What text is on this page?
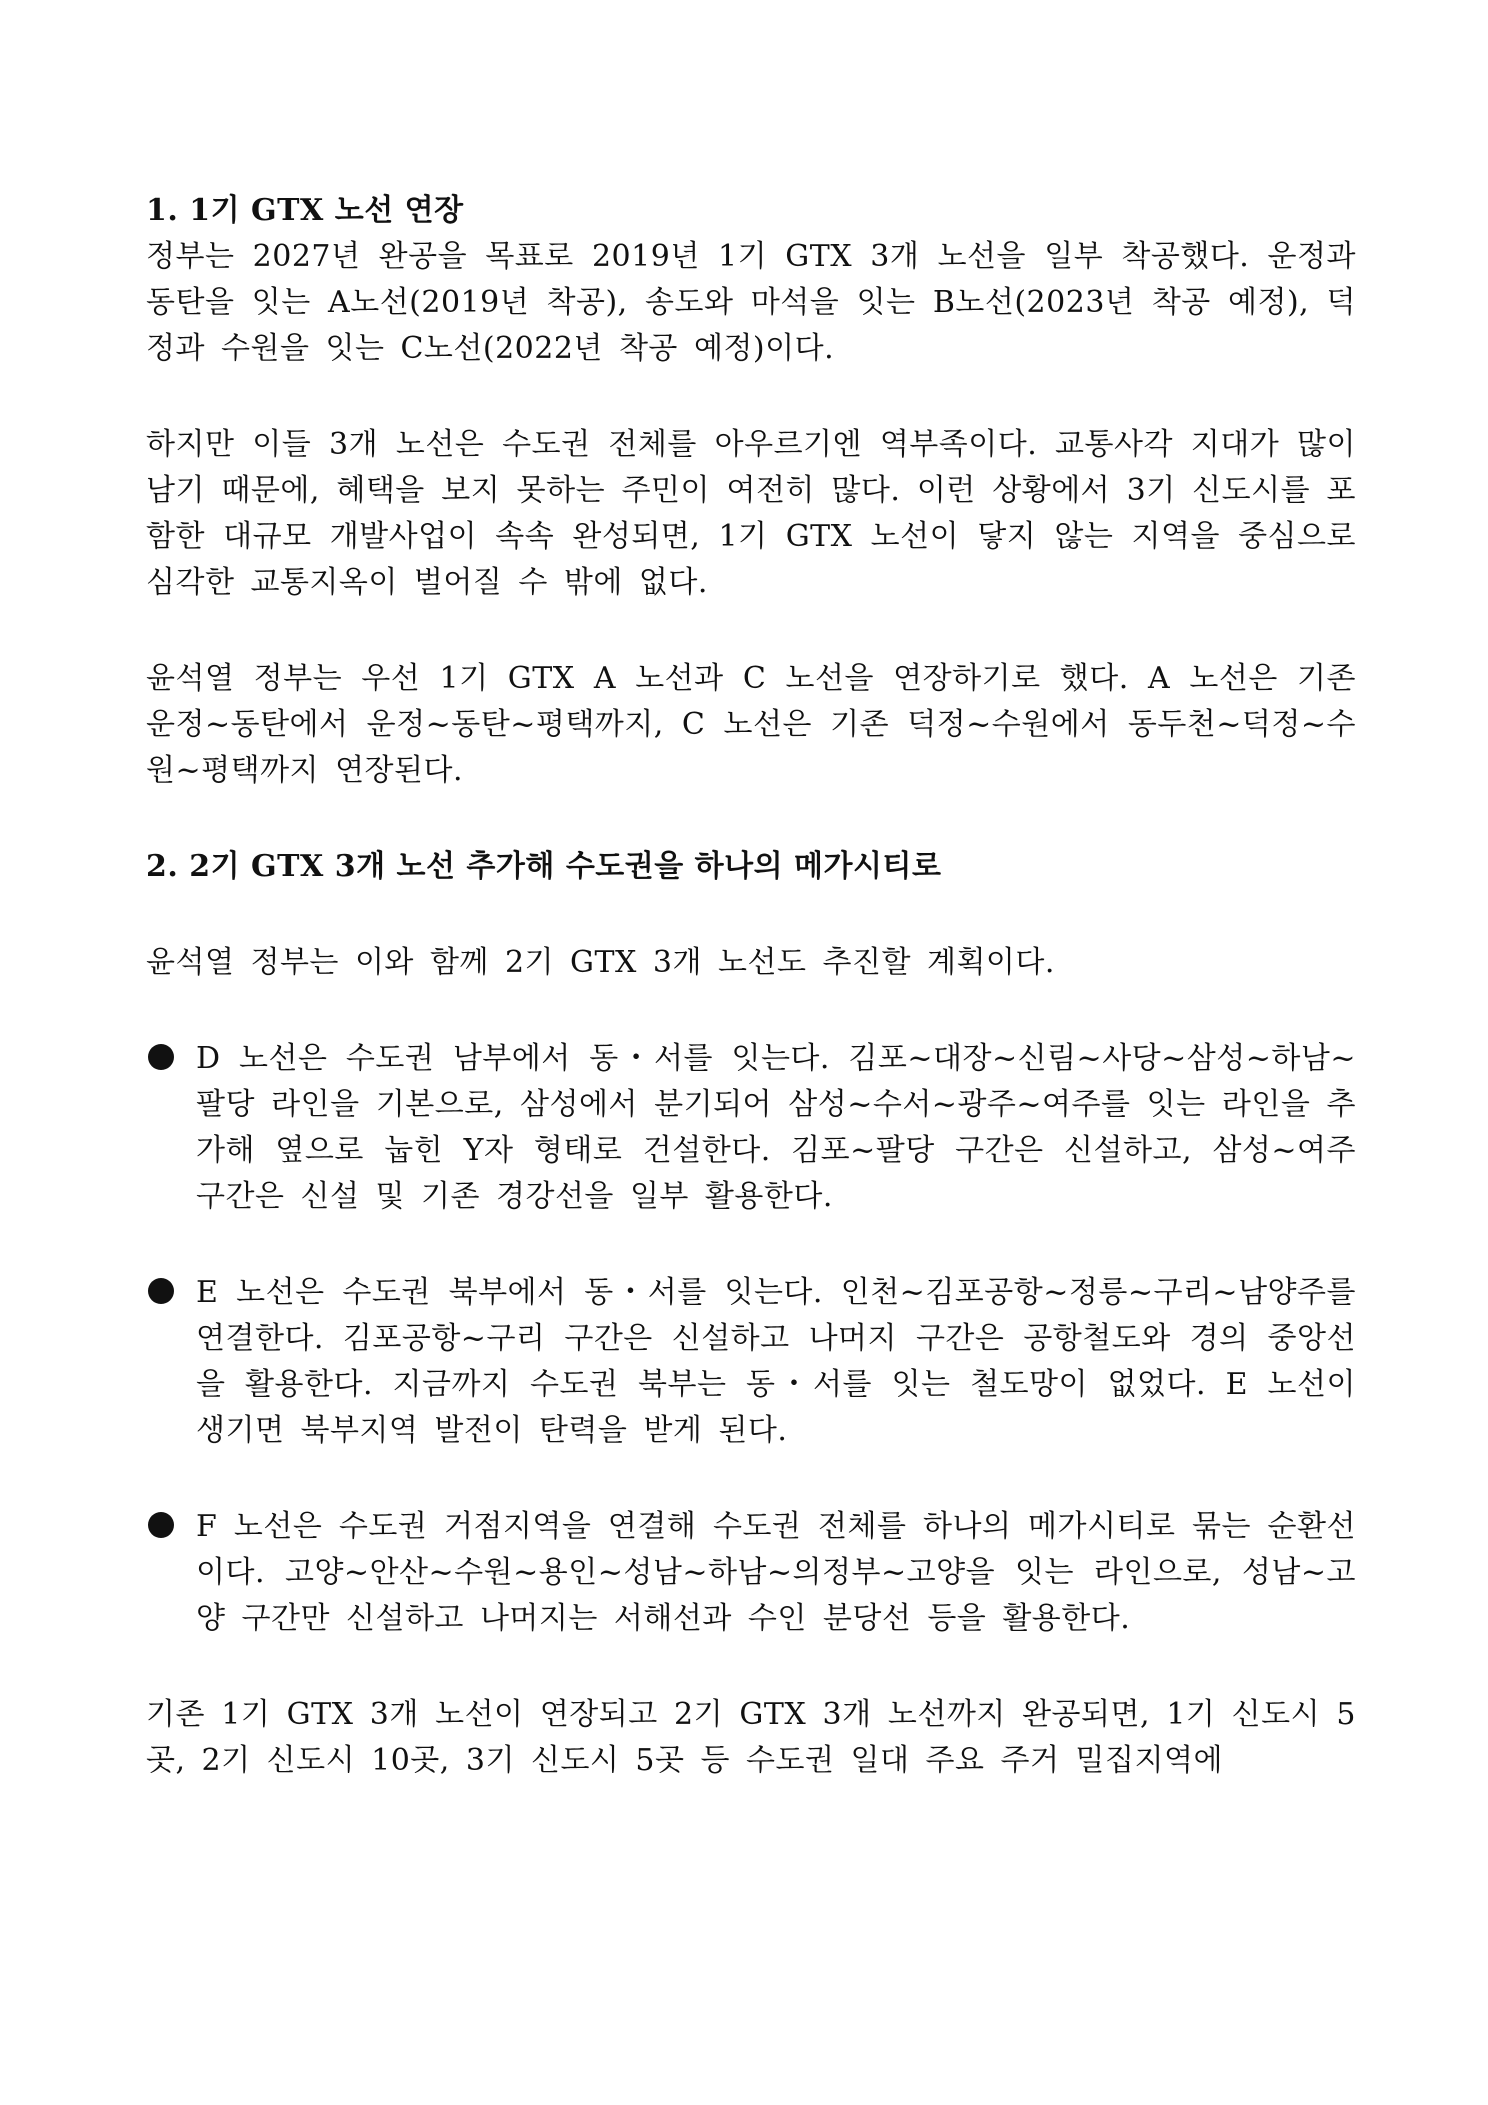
1. 1기 GTX 노선 연장

정부는 2027년 완공을 목표로 2019년 1기 GTX 3개 노선을 일부 착공했다. 운정과 동탄을 잇는 A노선(2019년 착공), 송도와 마석을 잇는 B노선(2023년 착공 예정), 덕정과 수원을 잇는 C노선(2022년 착공 예정)이다.

하지만 이들 3개 노선은 수도권 전체를 아우르기엔 역부족이다. 교통사각 지대가 많이 남기 때문에, 혜택을 보지 못하는 주민이 여전히 많다. 이런 상황에서 3기 신도시를 포함한 대규모 개발사업이 속속 완성되면, 1기 GTX 노선이 닿지 않는 지역을 중심으로 심각한 교통지옥이 벌어질 수 밖에 없다.

윤석열 정부는 우선 1기 GTX A 노선과 C 노선을 연장하기로 했다. A 노선은 기존 운정~동탄에서 운정~동탄~평택까지, C 노선은 기존 덕정~수원에서 동두천~덕정~수원~평택까지 연장된다.

2. 2기 GTX 3개 노선 추가해 수도권을 하나의 메가시티로

윤석열 정부는 이와 함께 2기 GTX 3개 노선도 추진할 계획이다.

D 노선은 수도권 남부에서 동・서를 잇는다. 김포~대장~신림~사당~삼성~하남~팔당 라인을 기본으로, 삼성에서 분기되어 삼성~수서~광주~여주를 잇는 라인을 추가해 옆으로 눕힌 Y자 형태로 건설한다. 김포~팔당 구간은 신설하고, 삼성~여주 구간은 신설 및 기존 경강선을 일부 활용한다.

E 노선은 수도권 북부에서 동・서를 잇는다. 인천~김포공항~정릉~구리~남양주를 연결한다. 김포공항~구리 구간은 신설하고 나머지 구간은 공항철도와 경의 중앙선을 활용한다. 지금까지 수도권 북부는 동・서를 잇는 철도망이 없었다. E 노선이 생기면 북부지역 발전이 탄력을 받게 된다.

F 노선은 수도권 거점지역을 연결해 수도권 전체를 하나의 메가시티로 묶는 순환선이다. 고양~안산~수원~용인~성남~하남~의정부~고양을 잇는 라인으로, 성남~고양 구간만 신설하고 나머지는 서해선과 수인 분당선 등을 활용한다.

기존 1기 GTX 3개 노선이 연장되고 2기 GTX 3개 노선까지 완공되면, 1기 신도시 5곳, 2기 신도시 10곳, 3기 신도시 5곳 등 수도권 일대 주요 주거 밀집지역에
